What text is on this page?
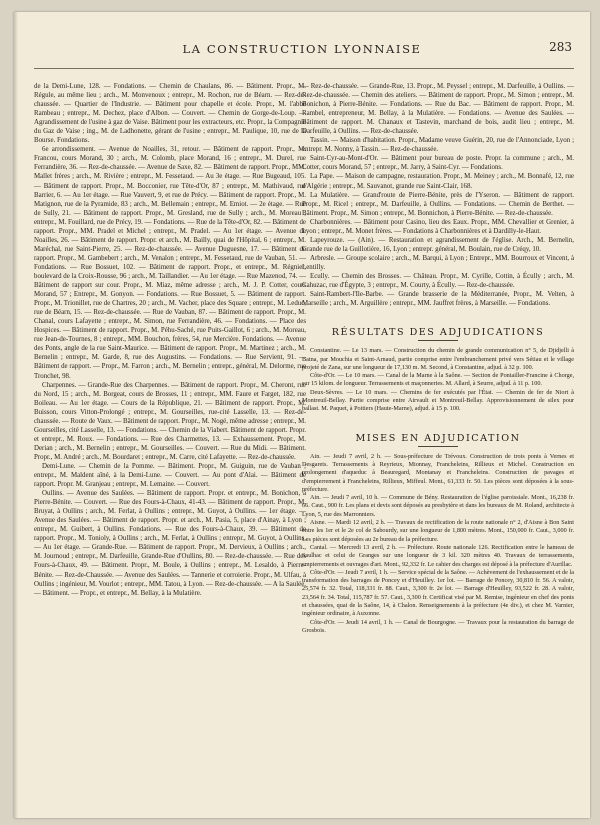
LA CONSTRUCTION LYONNAISE	283

de la Demi-Lune, 128. — Fondations. — Chemin de Chaulans, 86. — Bâtiment. Propr., M. Régule, au même lieu ; arch., M. Monvenoux ; entrepr., M. Rochon, rue de Béarn. — Rez-de-chaussée. — Quartier de l'Industrie. — Bâtiment pour chapelle et école. Propr., M. l'abbé Rambeau ; entrepr., M. Dechez, place d'Albon. — Couvert. — Chemin de Gorge-de-Loup. — Agrandissement de l'usine à gaz de Vaise. Bâtiment pour les extracteurs, etc. Propr., la Compagnie du Gaz de Vaise ; ing., M. de Ladhonette, gérant de l'usine ; entrepr., M. Paulique, 10, rue de la Bourse. Fondations.

6e arrondissement. — Avenue de Noailles, 31, retour. — Bâtiment de rapport. Propr., M. Francou, cours Morand, 30 ; arch., M. Colomb, place Morand, 16 ; entrepr., M. Durel, rue Ferrandière, 36. — Rez-de-chaussée. — Avenue de Saxe, 82. — Bâtiment de rapport. Propr., MM. Mallet frères ; arch., M. Rivière ; entrepr., M. Fessetaud. — Au 3e étage. — Rue Bugeaud, 105. — Bâtiment de rapport. Propr., M. Bocconier, rue Tête-d'Or, 87 ; entrepr., M. Mathivaud, rue Barrier, 6. — Au 1er étage. — Rue Vauvert, 9, et rue de Précy. — Bâtiment de rapport. Propr., M. Matignon, rue de la Pyramide, 83 ; arch., M. Bellemain ; entrepr., M. Emiot. — 2e étage. — Rue de Sully, 21. — Bâtiment de rapport. Propr., M. Gresland, rue de Sully ; arch., M. Moreau ; entrepr., M. Fouillard, rue de Précy, 19. — Fondations. — Rue de la Tête-d'Or, 82. — Bâtiment de rapport. Propr., MM. Pradel et Michel ; entrepr., M. Pradel. — Au 1er étage. — Avenue de Noailles, 26. — Bâtiment de rapport. Propr. et arch., M. Bailly, quai de l'Hôpital, 6 ; entrepr., M. Maréchal, rue Saint-Pierre, 25. — Rez-de-chaussée. — Avenue Duguesne, 17. — Bâtiment de rapport. Propr., M. Gambebert ; arch., M. Venalon ; entrepr., M. Fessetaud, rue de Vauban, 51. — Fondations. — Rue Bossuet, 102. — Bâtiment de rapport. Propr., et entrepr., M. Régnier, boulevard de la Croix-Rousse, 96 ; arch., M. Taillandier. — Au 1er étage. — Rue Mazenod, 74. — Bâtiment de rapport sur cour. Propr., M. Miaz, même adresse ; arch., M. J. P. Cotter, cours Morand, 57 ; Entrepr., M. Gonyon. — Fondations. — Rue Bossuet, 5. — Bâtiment de rapport. Propr., M. Trionillet, rue de Chartres, 20 ; arch., M. Vacher, place des Square ; entrepr., M. Leduc, rue de Béarn, 15. — Rez-de-chaussée. — Rue de Vauban, 87. — Bâtiment de rapport. Propr., M. Chanal, cours Lafayette ; entrepr., M. Simon, rue Ferrandière, 46. — Fondations. — Place des Hospices. — Bâtiment de rapport. Propr., M. Péhu-Saché, rue Puits-Gaillot, 6 ; arch., M. Moreau, rue Jean-de-Tournes, 8 ; entrepr., MM. Bouchon, frères, 54, rue Mercière. Fondations. — Avenue des Ponts, angle de la rue Saint-Maurice. — Bâtiment de rapport. Propr., M. Martinez ; arch., M. Bernelin ; entrepr., M. Garde, 8, rue des Augustins. — Fondations. — Rue Servient, 91. — Bâtiment de rapport. — Propr., M. Farron ; arch., M. Bernelin ; entrepr., général, M. Delorme, rue Tronchet, 98.

Charpennes. — Grande-Rue des Charpennes. — Bâtiment de rapport. Propr., M. Cheront, rue du Nord, 15 ; arch., M. Borgeat, cours de Brosses, 11 ; entrepr., MM. Faure et Farget, 182, rue Boileau. — Au 1er étage. — Cours de la République, 21. — Bâtiment de rapport. Propr., M. Buisson, cours Vitton-Prolongé ; entrepr., M. Gourseilles, rue-cité Lasselle, 13. — Rez-de-chaussée. — Route de Vaux. — Bâtiment de rapport. Propr., M. Nogé, même adresse ; entrepr., M. Gourseilles, cité Lasselle, 13. — Fondations. — Chemin de la Viabert. Bâtiment de rapport. Propr. et entrepr., M. Roux. — Fondations. — Rue des Charmettes, 13. — Exhaussement. Propr., M. Derian ; arch., M. Bernelin ; entrepr., M. Gourseilles. — Couvert. — Rue du Midi. — Bâtiment. Propr., M. André ; arch., M. Bourdaret ; entrepr., M. Carre, cité Lafayette. — Rez-de-chaussée.

Demi-Lune. — Chemin de la Pomme. — Bâtiment. Propr., M. Guiguin, rue de Vauban ; entrepr., M. Maldent aîné, à la Demi-Lune. — Couvert. — Au pont d'Alai. — Bâtiment de rapport. Propr. M. Granjeau ; entrepr., M. Lemaine. — Couvert.

Oullins. — Avenue des Saulées. — Bâtiment de rapport. Propr. et entrepr., M. Bonichon, à Pierre-Bénite. — Couvert. — Rue des Fours-à-Chaux, 41-43. — Bâtiment de rapport. Propr., M. Bruyat, à Oullins ; arch., M. Ferlat, à Oullins ; entrepr., M. Guyot, à Oullins. — 1er étage. — Avenue des Saulées. — Bâtiment de rapport. Propr. et arch., M. Pasia, 5, place d'Ainay, à Lyon ; entrepr., M. Guibert, à Oullins. Fondations. — Rue des Fours-à-Chaux, 39. — Bâtiment de rapport. Propr., M. Tonioly, à Oullins ; arch., M. Ferlat, à Oullins ; entrepr., M. Guyot, à Oullins. — Au 1er étage. — Grande-Rue. — Bâtiment de rapport. Propr., M. Dervieux, à Oullins ; arch., M. Journoud ; entrepr., M. Darfeuille, Grande-Rue d'Oullins, 80. — Rez-de-chaussée. — Rue des Fours-à-Chaux, 49. — Bâtiment. Propr., M. Boule, à Oullins ; entrepr., M. Lesaldo, à Pierre-Bénite. — Rez-de-Chaussée. — Avenue des Saulées. — Tannerie et corroierie. Propr., M. Ulfau, à Oullins ; ingénieur, M. Vourlot ; entrepr., MM. Tatou, à Lyon. — Rez-de-chaussée. — A la Saulée. — Bâtiment. — Propr., et entrepr., M. Bellay, à la Mulatière.

— Rez-de-chaussée. — Grande-Rue, 13. Propr., M. Peyssel ; entrepr., M. Darfeuille, à Oullins. — Rez-de-chaussée. — Chemin des ateliers. — Bâtiment de rapport. Propr., M. Simon ; entrepr., M. Bonichon, à Pierre-Bénite. — Fondations. — Rue du Bac. — Bâtiment de rapport. Propr., M. Rambel, entrepreneur, M. Bellay, à la Mulatière. — Fondations. — Avenue des Saulées. — Bâtiment de rapport. M. Chanaux et Tastevin, marchand de bois, audit lieu ; entrepr., M. Darfeuille, à Oullins. — Rez-de-chaussée.

Tassin. — Maison d'habitation. Propr., Madame veuve Guérin, 20, rue de l'Annonciade, Lyon ; entrepr. M. Nonny, à Tassin. — Rez-de-chaussée.

Saint-Cyr-au-Mont-d'Or. — Bâtiment pour bureau de poste. Propr. la commune ; arch., M. Cotter, cours Morand, 57 ; entrepr., M. Jarry, à Saint-Cyr. — Fondations.

La Pape. — Maison de campagne, restauration. Propr., M. Meiney ; arch., M. Bonnafé, 12, rue d'Algérie ; entrepr., M. Sauvanot, grande rue Saint-Clair, 168.

La Mulatière. — Grand'route de Pierre-Bénite, près de l'Yseron. — Bâtiment de rapport. Propr., M. Ricel ; entrepr., M. Darfeuille, à Oullins. — Fondations. — Chemin de Berthet. — Bâtiment. Propr., M. Simon ; entrepr., M. Bonnichon, à Pierre-Bénite. — Rez-de-chaussée.

Charbonnières. — Bâtiment pour Casino, lieu des Eaux. Propr., MM. Chevallier et Grenier, à Lyon ; entrepr., M. Monet frères. — Fondations à Charbonnières et à Dardilly-le-Haut.

Lapeyrouze. — (Ain). — Restauration et agrandissement de l'église. Arch., M. Bernelin, Grande rue de la Guillotière, 16, Lyon ; entrepr. général, M. Boulain, rue de Créqy, 10.

Arbresle. — Groupe scolaire ; arch., M. Barqui, à Lyon ; Entrepr., MM. Bourroux et Vincent, à Lentilly.

Ecully. — Chemin des Brosses. — Château. Propr., M. Cyrille, Cottin, à Écully ; arch., M. Cahuzac, rue d'Égypte, 3 ; entrepr., M. Courty, à Écully. — Rez-de-chaussée.

Saint-Rambert-l'Ile-Barbe. — Grande brasserie de la Méditerranée, Propr., M. Velten, à Marseille ; arch., M. Arguillère ; entrepr., MM. Jauffret frères, à Marseille. — Fondations.

RÉSULTATS DES ADJUDICATIONS

Constantine. — Le 13 mars. — Construction du chemin de grande communication n° 5, de Djidjelli à Batna, par Mouchia et Saint-Arnaud, partie comprise entre l'embranchement privé vers Sétiau et le village projeté de Zana, sur une longueur de 17,130 m. M. Second, à Constantine, adjud. à 32 p. 100.

Côte-d'Or. — Le 10 mars. — Canal de la Marne à la Saône. — Section de Pontailler-Francine à Chorge, sur 15 kilom. de longueur. Terrassements et maçonneries. M. Allard, à Seurre, adjud. à 11 p. 100.

Deux-Sèvres. — Le 10 mars. — Chemins de fer exécutés par l'État. — Chemin de fer de Niort à Montreuil-Bellay. Partie comprise entre Airvault et Montreuil-Bellay. Approvisionnement de silex pour ballast. M. Paquet, à Poitiers (Haute-Marne), adjud. à 15 p. 100.

MISES EN ADJUDICATION

Ain. — Jeudi 7 avril, 2 h. — Sous-préfecture de Trévoux. Construction de trois ponts à Vernes et Desgarets. Terrassements à Reyrieux, Mionnay, Francheleins, Rillieux et Michel. Construction en prolongement d'aqueduc à Beauregard, Montanay et Francheleins. Construction de pavages et d'empierrement à Francheleins, Rillieux, Miffeul. Mont., 61,333 fr. 50. Les pièces sont déposées à la sous-préfecture.

Ain. — Jeudi 7 avril, 10 h. — Commune de Bény. Restauration de l'église paroissiale. Mont., 16,238 fr. 66. Caut., 900 fr. Les plans et devis sont déposés au presbytère et dans les bureaux de M. Roland, architecte à Lyon, 5, rue des Marronniers.

Aisne. — Mardi 12 avril, 2 h. — Travaux de rectification de la route nationale n° 2, d'Aisne à Bon Saint entre les 1er et le 2e col de Sabourdy, sur une longueur de 1,800 mètres. Mont., 150,000 fr. Caut., 3,000 fr. Les pièces sont déposées au 2e bureau de la préfecture.

Cantal. — Mercredi 13 avril, 2 h. — Préfecture. Route nationale 126. Rectification entre le hameau de Saulhac et celui de Granges sur une longueur de 3 kil. 320 mètres 40. Travaux de terrassements, empierrements et ouvrages d'art. Mont., 92,332 fr. Le cahier des charges est déposé à la préfecture d'Aurillac.

Côte-d'Or. — Jeudi 7 avril, 1 h. — Service spécial de la Saône. — Achèvement de l'exhaussement et de la transformation des barrages de Poncey et d'Heuilley. 1er lot. — Barrage de Poncey, 30,810 fr. 56. A valoir, 25,574 fr. 32. Total, 118,331 fr. 88. Caut., 3,300 fr. 2e lot. — Barrage d'Heuilley, 93,522 fr. 28. A valoir, 23,564 fr. 34. Total, 115,787 fr. 57. Caut., 3,300 fr. Certificat visé par M. Remise, ingénieur en chef des ponts et chaussées, quai de la Saône, 14, à Chalon. Renseignements à la préfecture (4e div.), et chez M. Varnier, ingénieur ordinaire, à Auxonne.

Côte-d'Or. — Jeudi 14 avril, 1 h. — Canal de Bourgogne. — Travaux pour la restauration du barrage de Grosbois.
